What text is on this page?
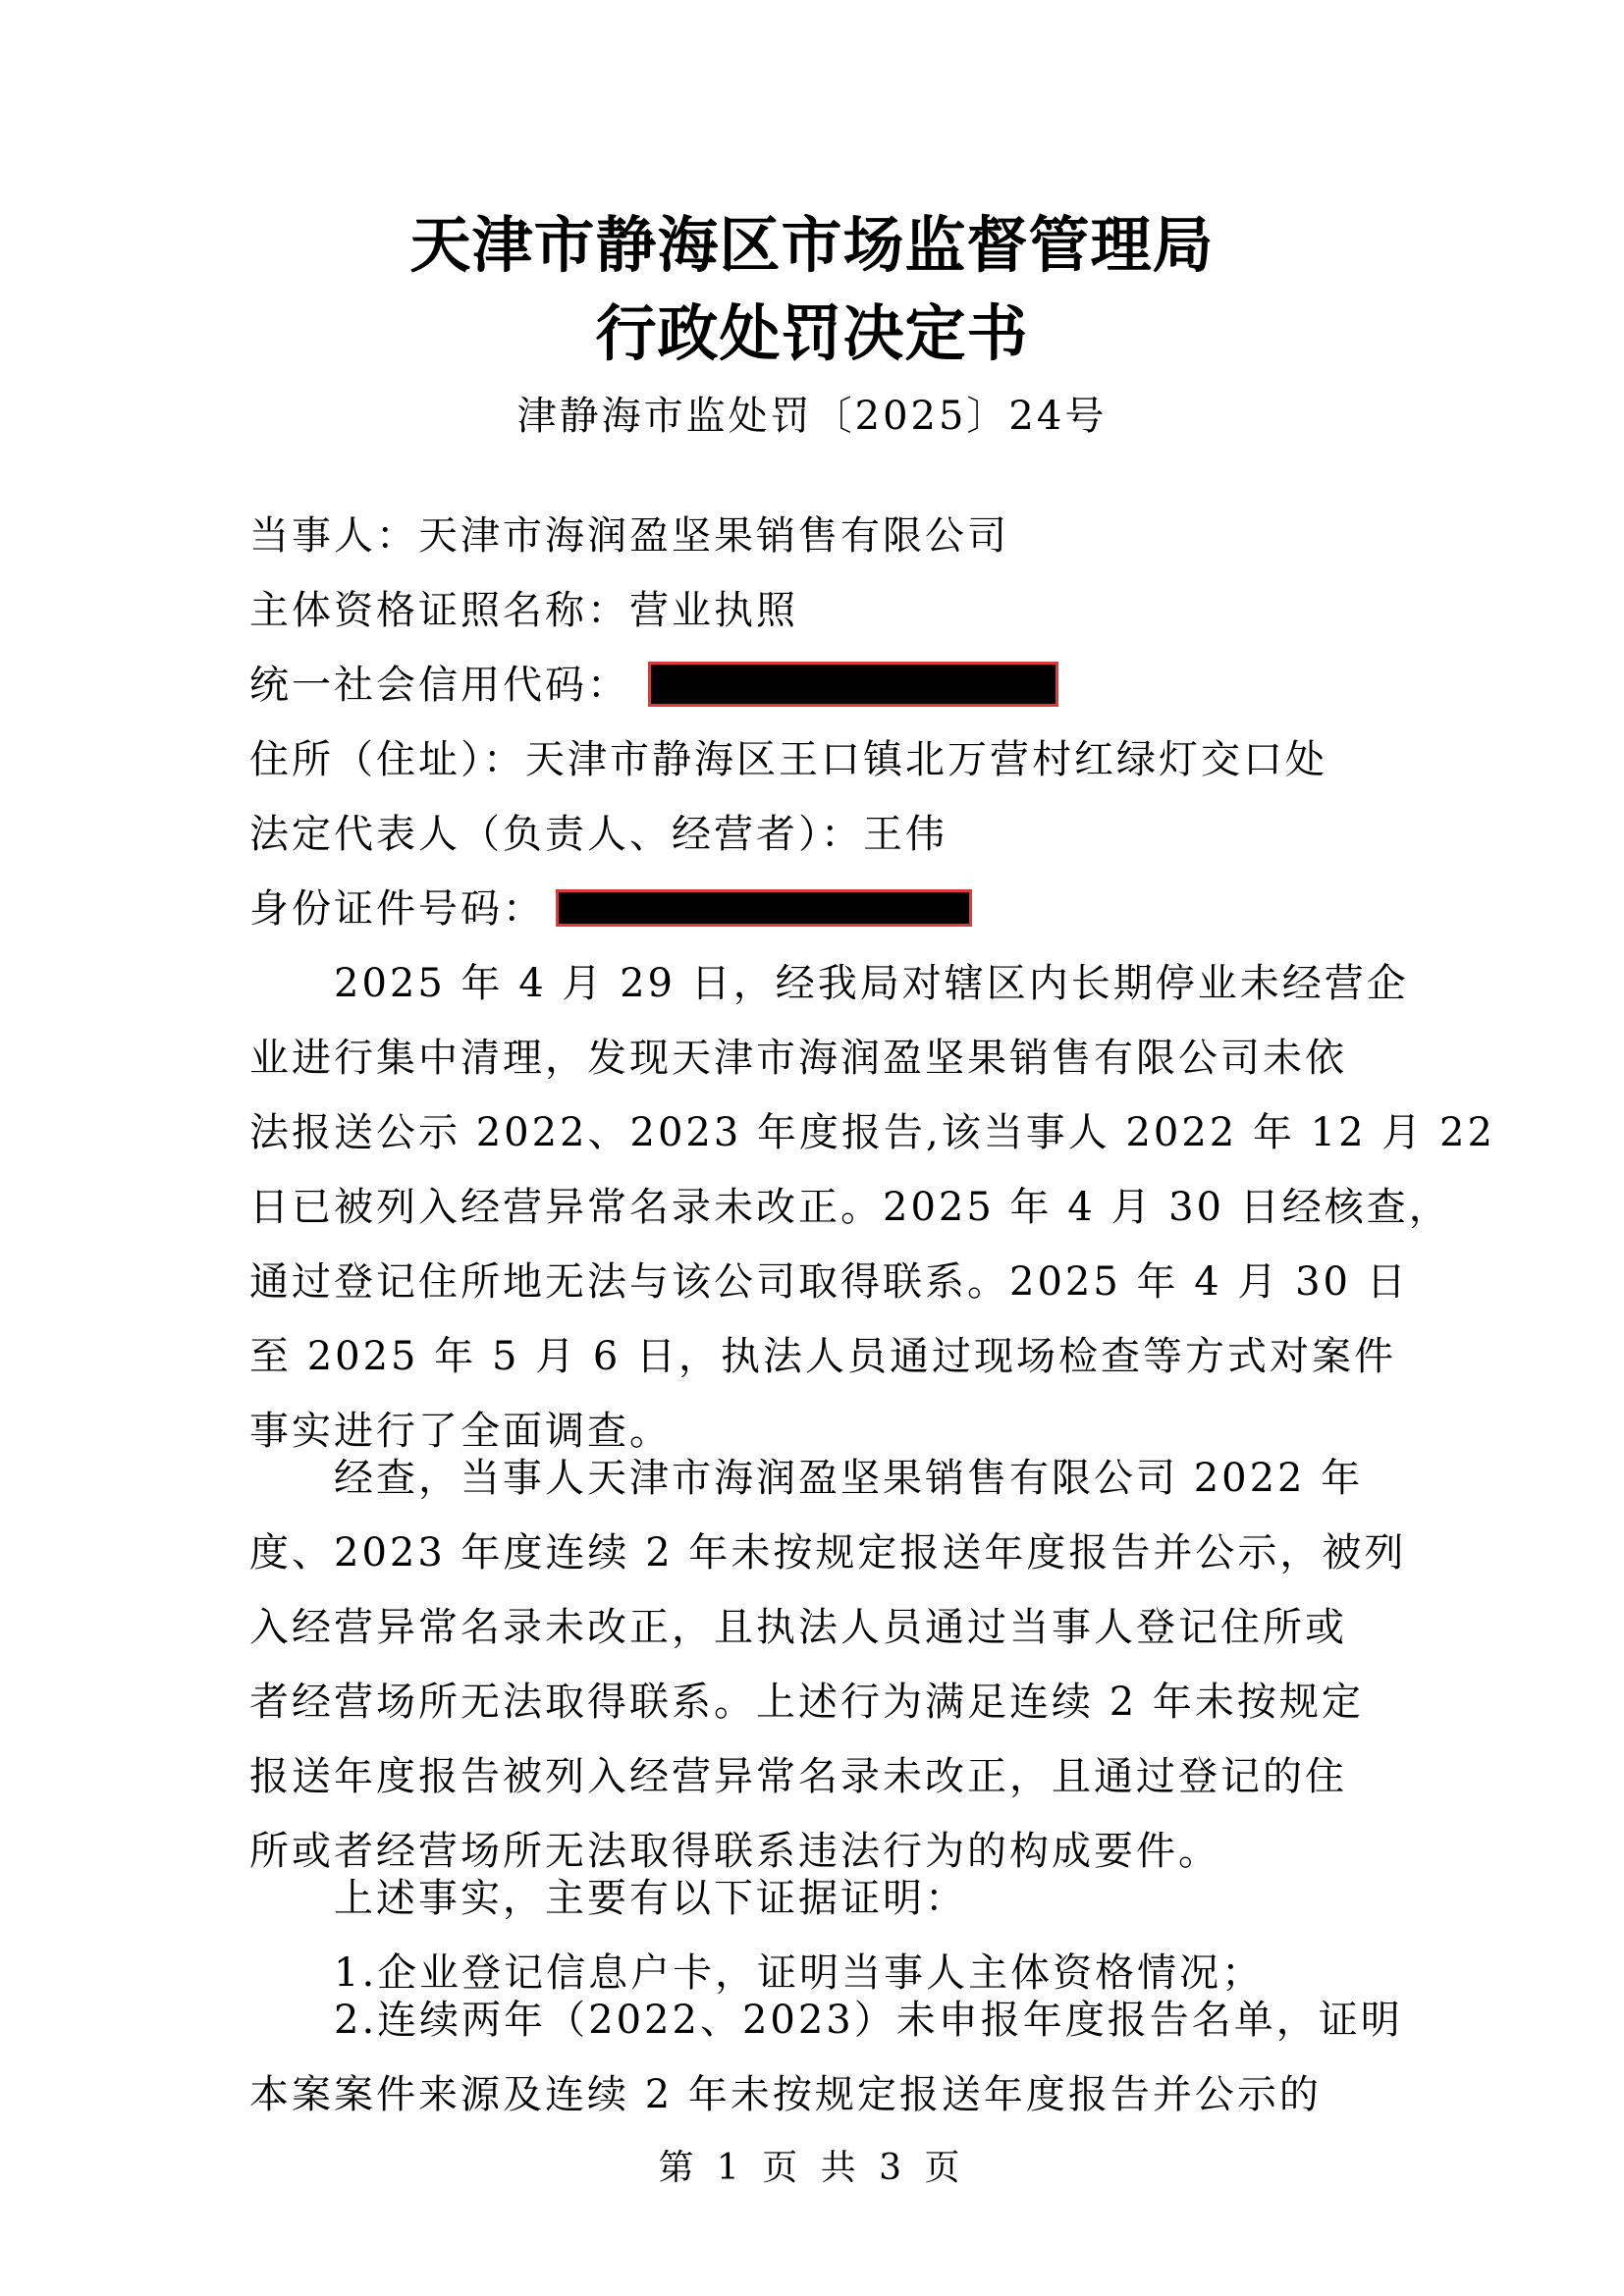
天津市静海区市场监督管理局
行政处罚决定书
津静海市监处罚〔2025〕24号
当事人：天津市海润盈坚果销售有限公司
主体资格证照名称：营业执照
统一社会信用代码：
住所（住址）：天津市静海区王口镇北万营村红绿灯交口处
法定代表人（负责人、经营者）：王伟
身份证件号码：
2025 年 4 月 29 日，经我局对辖区内长期停业未经营企
业进行集中清理，发现天津市海润盈坚果销售有限公司未依
法报送公示 2022、2023 年度报告,该当事人 2022 年 12 月 22
日已被列入经营异常名录未改正。2025 年 4 月 30 日经核查，
通过登记住所地无法与该公司取得联系。2025 年 4 月 30 日
至 2025 年 5 月 6 日，执法人员通过现场检查等方式对案件
事实进行了全面调查。
经查，当事人天津市海润盈坚果销售有限公司 2022 年
度、2023 年度连续 2 年未按规定报送年度报告并公示，被列
入经营异常名录未改正，且执法人员通过当事人登记住所或
者经营场所无法取得联系。上述行为满足连续 2 年未按规定
报送年度报告被列入经营异常名录未改正，且通过登记的住
所或者经营场所无法取得联系违法行为的构成要件。
上述事实，主要有以下证据证明：
1.企业登记信息户卡，证明当事人主体资格情况；
2.连续两年（2022、2023）未申报年度报告名单，证明
本案案件来源及连续 2 年未按规定报送年度报告并公示的
第 1 页 共 3 页
